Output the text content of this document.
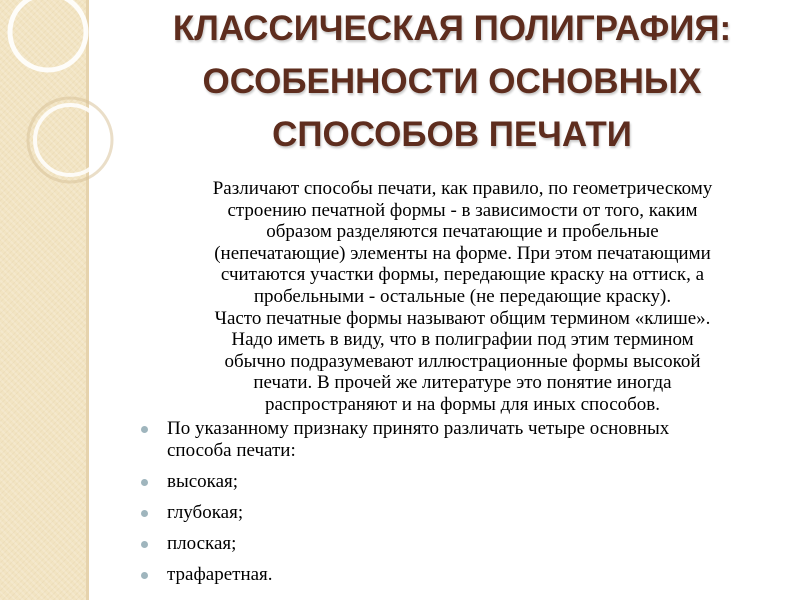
КЛАССИЧЕСКАЯ ПОЛИГРАФИЯ:
ОСОБЕННОСТИ ОСНОВНЫХ
СПОСОБОВ ПЕЧАТИ
Различают способы печати, как правило, по геометрическому
строению печатной формы - в зависимости от того, каким
образом разделяются печатающие и пробельные
(непечатающие) элементы на форме. При этом печатающими
считаются участки формы, передающие краску на оттиск, а
пробельными - остальные (не передающие краску).
Часто печатные формы называют общим термином «клише».
Надо иметь в виду, что в полиграфии под этим термином
обычно подразумевают иллюстрационные формы высокой
печати. В прочей же литературе это понятие иногда
распространяют и на формы для иных способов.
По указанному признаку принято различать четыре основных
способа печати:
высокая;
глубокая;
плоская;
трафаретная.
